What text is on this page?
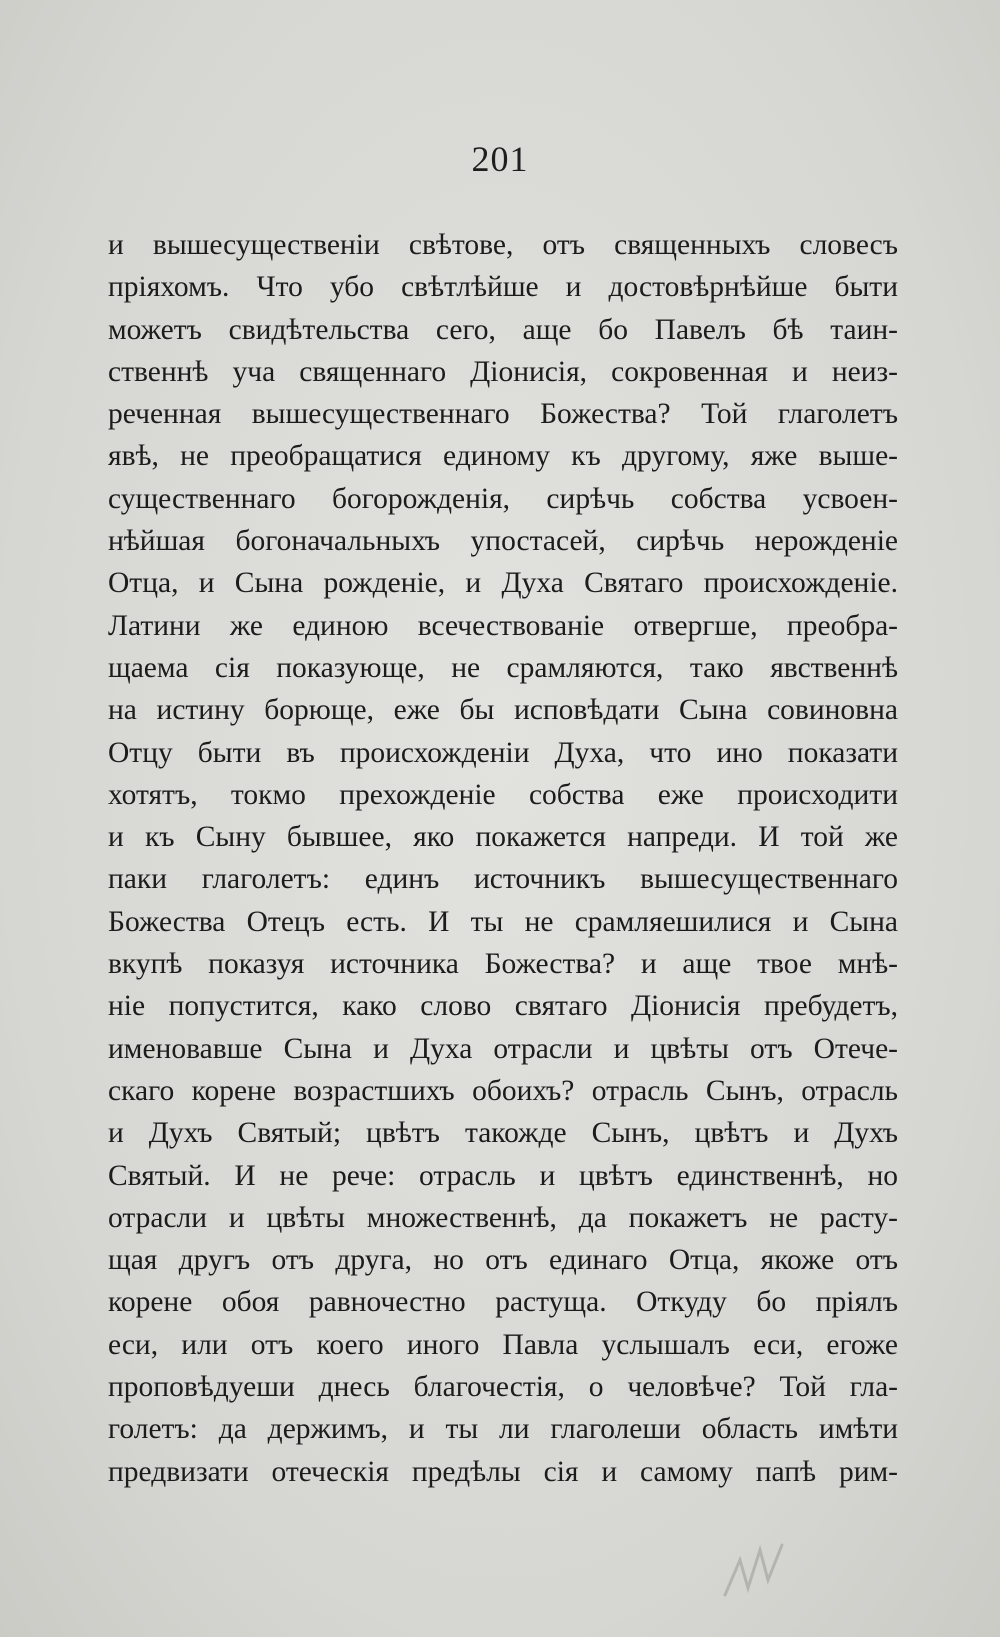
201
и вышесущественіи свѣтове, отъ священныхъ словесъ
пріяхомъ. Что убо свѣтлѣйше и достовѣрнѣйше быти
можетъ свидѣтельства сего, аще бо Павелъ бѣ таин-
ственнѣ уча священнаго Діонисія, сокровенная и неиз-
реченная вышесущественнаго Божества? Той глаголетъ
явѣ, не преобращатися единому къ другому, яже выше-
существеннаго богорожденія, сирѣчь собства усвоен-
нѣйшая богоначальныхъ упостасей, сирѣчь нерожденіе
Отца, и Сына рожденіе, и Духа Святаго происхожденіе.
Латини же единою всечествованіе отвергше, преобра-
щаема сія показующе, не срамляются, тако явственнѣ
на истину борюще, еже бы исповѣдати Сына совиновна
Отцу быти въ происхожденіи Духа, что ино показати
хотятъ, токмо прехожденіе собства еже происходити
и къ Сыну бывшее, яко покажется напреди. И той же
паки глаголетъ: единъ источникъ вышесущественнаго
Божества Отецъ есть. И ты не срамляешилися и Сына
вкупѣ показуя источника Божества? и аще твое мнѣ-
ніе попустится, како слово святаго Діонисія пребудетъ,
именовавше Сына и Духа отрасли и цвѣты отъ Отече-
скаго корене возрастшихъ обоихъ? отрасль Сынъ, отрасль
и Духъ Святый; цвѣтъ такожде Сынъ, цвѣтъ и Духъ
Святый. И не рече: отрасль и цвѣтъ единственнѣ, но
отрасли и цвѣты множественнѣ, да покажетъ не расту-
щая другъ отъ друга, но отъ единаго Отца, якоже отъ
корене обоя равночестно растуща. Откуду бо пріялъ
еси, или отъ коего иного Павла услышалъ еси, егоже
проповѣдуеши днесь благочестія, о человѣче? Той гла-
голетъ: да держимъ, и ты ли глаголеши область имѣти
предвизати отеческія предѣлы сія и самому папѣ рим-
